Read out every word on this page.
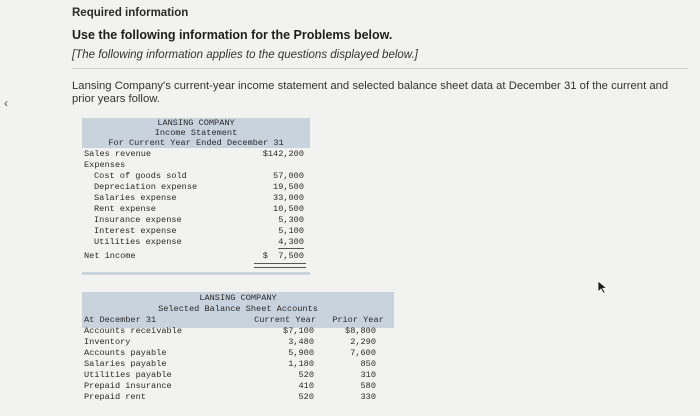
‹
Required information
Use the following information for the Problems below.
[The following information applies to the questions displayed below.]
Lansing Company's current-year income statement and selected balance sheet data at December 31 of the current and prior years follow.
LANSING COMPANY
Income Statement
For Current Year Ended December 31
Sales revenue	$142,200
Expenses
Cost of goods sold	57,000
Depreciation expense	19,500
Salaries expense	33,000
Rent expense	10,500
Insurance expense	5,300
Interest expense	5,100
Utilities expense	4,300
Net income	$  7,500
LANSING COMPANY
Selected Balance Sheet Accounts
At December 31	Current Year	Prior Year
Accounts receivable	$7,100	$8,800
Inventory	3,480	2,290
Accounts payable	5,900	7,600
Salaries payable	1,180	850
Utilities payable	520	310
Prepaid insurance	410	580
Prepaid rent	520	330
